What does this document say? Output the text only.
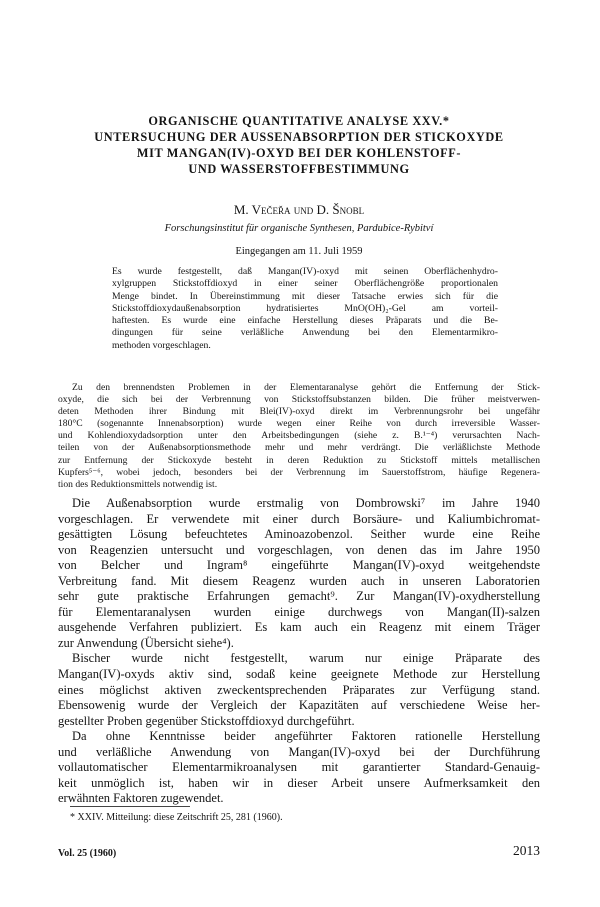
ORGANISCHE QUANTITATIVE ANALYSE XXV.*
UNTERSUCHUNG DER AUSSENABSORPTION DER STICKOXYDE
MIT MANGAN(IV)-OXYD BEI DER KOHLENSTOFF-
UND WASSERSTOFFBESTIMMUNG
M. Večeřa und D. Šnobl
Forschungsinstitut für organische Synthesen, Pardubice-Rybitví
Eingegangen am 11. Juli 1959
Es wurde festgestellt, daß Mangan(IV)-oxyd mit seinen Oberflächenhydro-
xylgruppen Stickstoffdioxyd in einer seiner Oberflächengröße proportionalen
Menge bindet. In Übereinstimmung mit dieser Tatsache erwies sich für die
Stickstoffdioxydaußenabsorption hydratisiertes MnO(OH)₂-Gel am vorteil-
haftesten. Es wurde eine einfache Herstellung dieses Präparats und die Be-
dingungen für seine verläßliche Anwendung bei den Elementarmikro-
methoden vorgeschlagen.
Zu den brennendsten Problemen in der Elementaranalyse gehört die Entfernung der Stick-
oxyde, die sich bei der Verbrennung von Stickstoffsubstanzen bilden. Die früher meistverwen-
deten Methoden ihrer Bindung mit Blei(IV)-oxyd direkt im Verbrennungsrohr bei ungefähr
180°C (sogenannte Innenabsorption) wurde wegen einer Reihe von durch irreversible Wasser-
und Kohlendioxydadsorption unter den Arbeitsbedingungen (siehe z. B.¹⁻⁴) verursachten Nach-
teilen von der Außenabsorptionsmethode mehr und mehr verdrängt. Die verläßlichste Methode
zur Entfernung der Stickoxyde besteht in deren Reduktion zu Stickstoff mittels metallischen
Kupfers⁵⁻⁶, wobei jedoch, besonders bei der Verbrennung im Sauerstoffstrom, häufige Regenera-
tion des Reduktionsmittels notwendig ist.
Die Außenabsorption wurde erstmalig von Dombrowski⁷ im Jahre 1940
vorgeschlagen. Er verwendete mit einer durch Borsäure- und Kaliumbichromat-
gesättigten Lösung befeuchtetes Aminoazobenzol. Seither wurde eine Reihe
von Reagenzien untersucht und vorgeschlagen, von denen das im Jahre 1950
von Belcher und Ingram⁸ eingeführte Mangan(IV)-oxyd weitgehendste
Verbreitung fand. Mit diesem Reagenz wurden auch in unseren Laboratorien
sehr gute praktische Erfahrungen gemacht⁹. Zur Mangan(IV)-oxydherstellung
für Elementaranalysen wurden einige durchwegs von Mangan(II)-salzen
ausgehende Verfahren publiziert. Es kam auch ein Reagenz mit einem Träger
zur Anwendung (Übersicht siehe⁴).
Bischer wurde nicht festgestellt, warum nur einige Präparate des
Mangan(IV)-oxyds aktiv sind, sodaß keine geeignete Methode zur Herstellung
eines möglichst aktiven zweckentsprechenden Präparates zur Verfügung stand.
Ebensowenig wurde der Vergleich der Kapazitäten auf verschiedene Weise her-
gestellter Proben gegenüber Stickstoffdioxyd durchgeführt.
Da ohne Kenntnisse beider angeführter Faktoren rationelle Herstellung
und verläßliche Anwendung von Mangan(IV)-oxyd bei der Durchführung
vollautomatischer Elementarmikroanalysen mit garantierter Standard-Genauig-
keit unmöglich ist, haben wir in dieser Arbeit unsere Aufmerksamkeit den
erwähnten Faktoren zugewendet.
* XXIV. Mitteilung: diese Zeitschrift 25, 281 (1960).
Vol. 25 (1960)	2013
